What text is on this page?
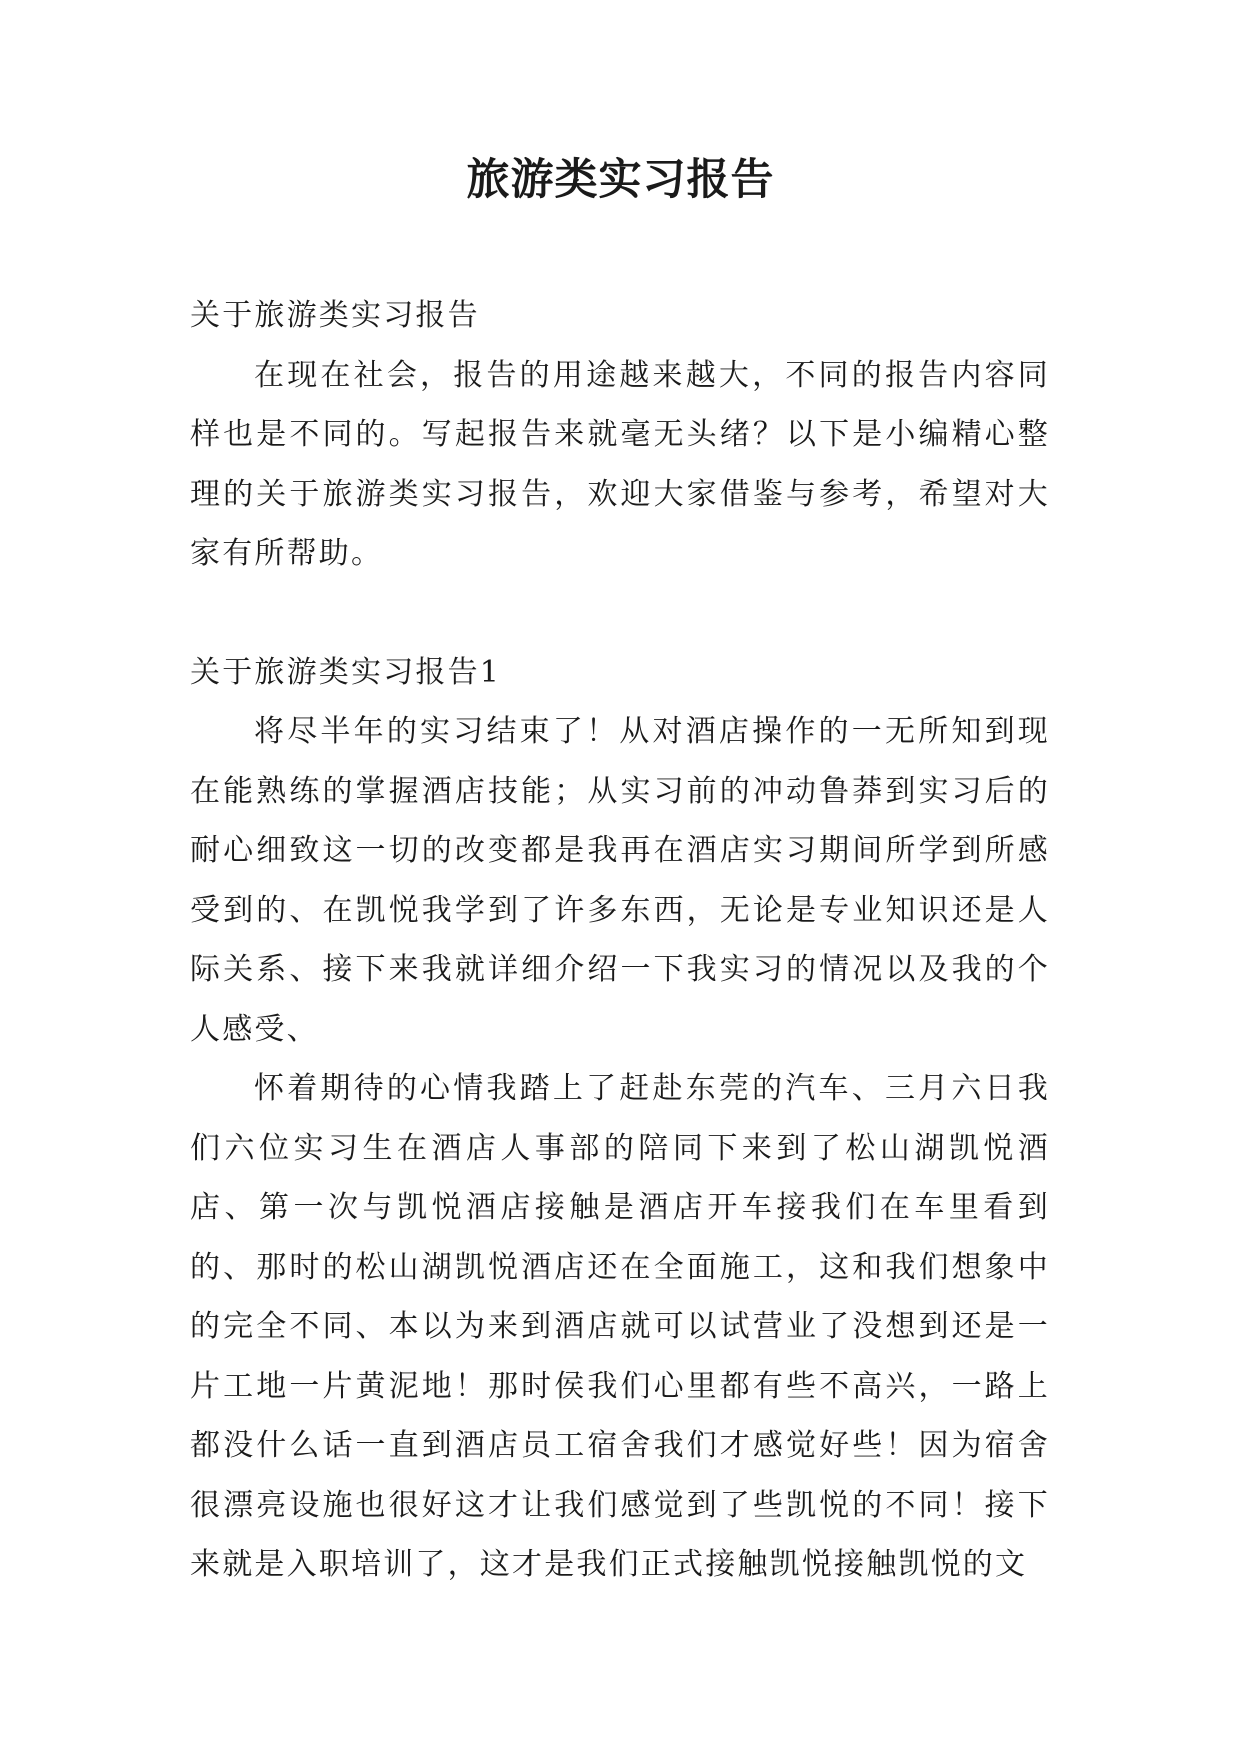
旅游类实习报告

关于旅游类实习报告

在现在社会，报告的用途越来越大，不同的报告内容同样也是不同的。写起报告来就毫无头绪？以下是小编精心整理的关于旅游类实习报告，欢迎大家借鉴与参考，希望对大家有所帮助。

关于旅游类实习报告1

将尽半年的实习结束了！从对酒店操作的一无所知到现在能熟练的掌握酒店技能；从实习前的冲动鲁莽到实习后的耐心细致这一切的改变都是我再在酒店实习期间所学到所感受到的、在凯悦我学到了许多东西，无论是专业知识还是人际关系、接下来我就详细介绍一下我实习的情况以及我的个人感受、

怀着期待的心情我踏上了赶赴东莞的汽车、三月六日我们六位实习生在酒店人事部的陪同下来到了松山湖凯悦酒店、第一次与凯悦酒店接触是酒店开车接我们在车里看到的、那时的松山湖凯悦酒店还在全面施工，这和我们想象中的完全不同、本以为来到酒店就可以试营业了没想到还是一片工地一片黄泥地！那时侯我们心里都有些不高兴，一路上都没什么话一直到酒店员工宿舍我们才感觉好些！因为宿舍很漂亮设施也很好这才让我们感觉到了些凯悦的不同！接下来就是入职培训了，这才是我们正式接触凯悦接触凯悦的文
